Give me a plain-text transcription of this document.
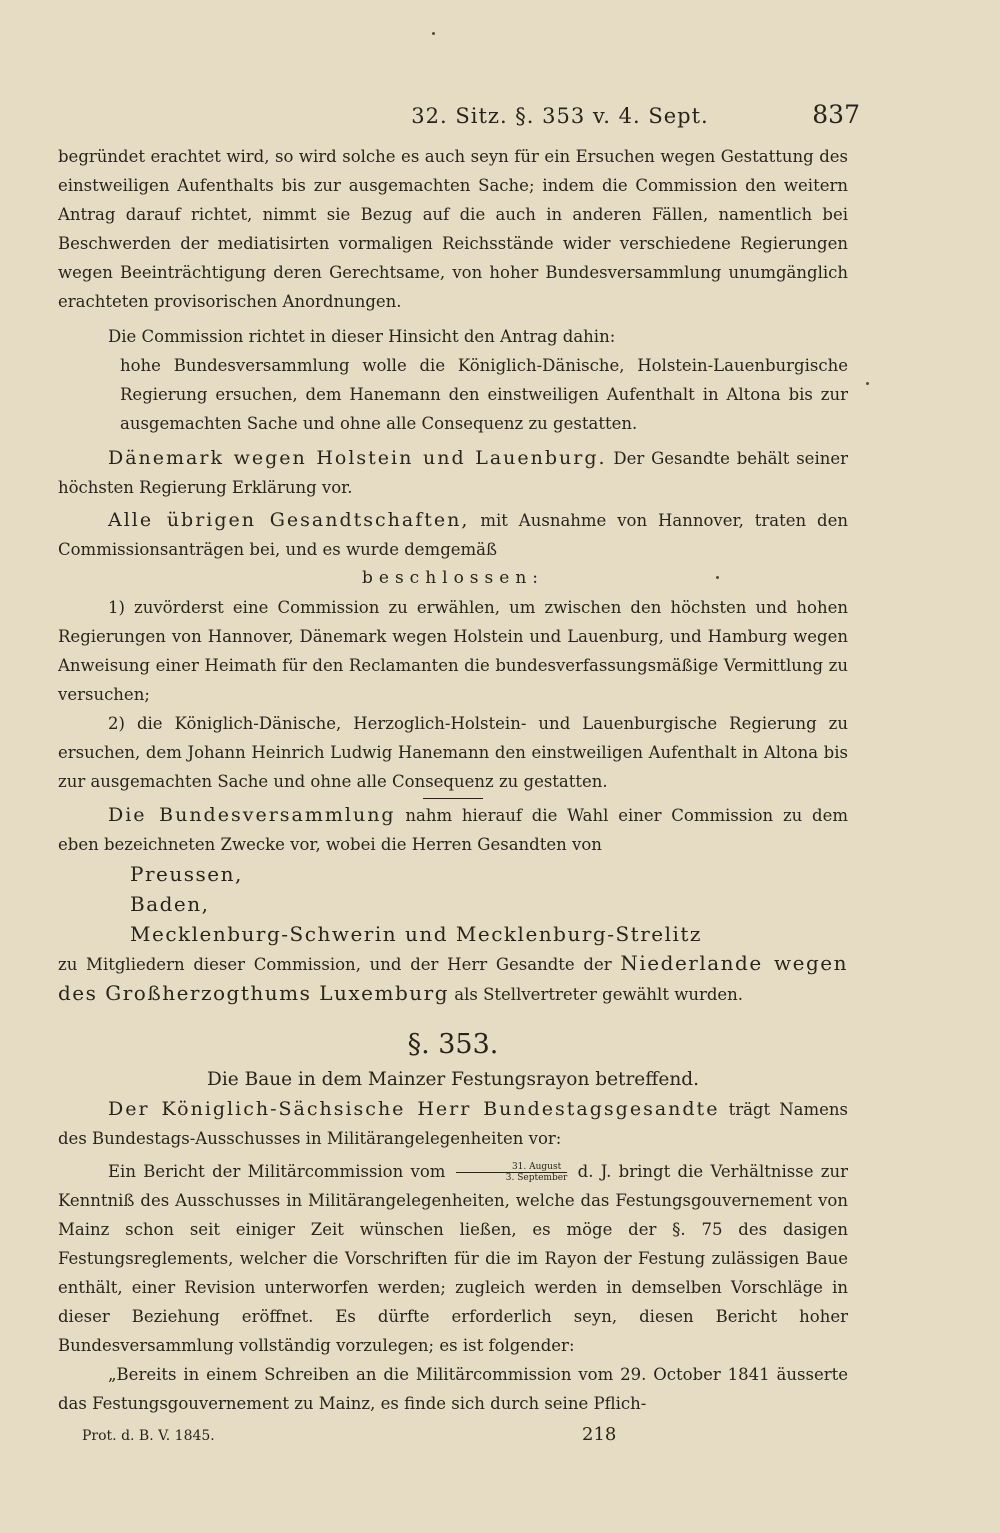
32. Sitz. §. 353 v. 4. Sept.	837

begründet erachtet wird, so wird solche es auch seyn für ein Ersuchen wegen Gestattung des einstweiligen Aufenthalts bis zur ausgemachten Sache; indem die Commission den weitern Antrag darauf richtet, nimmt sie Bezug auf die auch in anderen Fällen, namentlich bei Beschwerden der mediatisirten vormaligen Reichsstände wider verschiedene Regierungen wegen Beeinträchtigung deren Gerechtsame, von hoher Bundesversammlung unumgänglich erachteten provisorischen Anordnungen.

Die Commission richtet in dieser Hinsicht den Antrag dahin:

hohe Bundesversammlung wolle die Königlich-Dänische, Holstein-Lauenburgische Regierung ersuchen, dem Hanemann den einstweiligen Aufenthalt in Altona bis zur ausgemachten Sache und ohne alle Consequenz zu gestatten.

Dänemark wegen Holstein und Lauenburg. Der Gesandte behält seiner höchsten Regierung Erklärung vor.

Alle übrigen Gesandtschaften, mit Ausnahme von Hannover, traten den Commissionsanträgen bei, und es wurde demgemäß

beschlossen:

1) zuvörderst eine Commission zu erwählen, um zwischen den höchsten und hohen Regierungen von Hannover, Dänemark wegen Holstein und Lauenburg, und Hamburg wegen Anweisung einer Heimath für den Reclamanten die bundesverfassungsmäßige Vermittlung zu versuchen;

2) die Königlich-Dänische, Herzoglich-Holstein- und Lauenburgische Regierung zu ersuchen, dem Johann Heinrich Ludwig Hanemann den einstweiligen Aufenthalt in Altona bis zur ausgemachten Sache und ohne alle Consequenz zu gestatten.

Die Bundesversammlung nahm hierauf die Wahl einer Commission zu dem eben bezeichneten Zwecke vor, wobei die Herren Gesandten von

Preussen,
Baden,
Mecklenburg-Schwerin und Mecklenburg-Strelitz

zu Mitgliedern dieser Commission, und der Herr Gesandte der Niederlande wegen des Großherzogthums Luxemburg als Stellvertreter gewählt wurden.

§. 353.

Die Baue in dem Mainzer Festungsrayon betreffend.

Der Königlich-Sächsische Herr Bundestagsgesandte trägt Namens des Bundestags-Ausschusses in Militärangelegenheiten vor:

Ein Bericht der Militärcommission vom $\frac{\text{31. August}}{\text{3. September}} d$. J. bringt die Verhältnisse zur Kenntniß des Ausschusses in Militärangelegenheiten, welche das Festungsgouvernement von Mainz schon seit einiger Zeit wünschen ließen, es möge der §. 75 des dasigen Festungsreglements, welcher die Vorschriften für die im Rayon der Festung zulässigen Baue enthält, einer Revision unterworfen werden; zugleich werden in demselben Vorschläge in dieser Beziehung eröffnet. Es dürfte erforderlich seyn, diesen Bericht hoher Bundesversammlung vollständig vorzulegen; es ist folgender:

„Bereits in einem Schreiben an die Militärcommission vom 29. October 1841 äusserte das Festungsgouvernement zu Mainz, es finde sich durch seine Pflich-

Prot. d. B. V. 1845.	218
